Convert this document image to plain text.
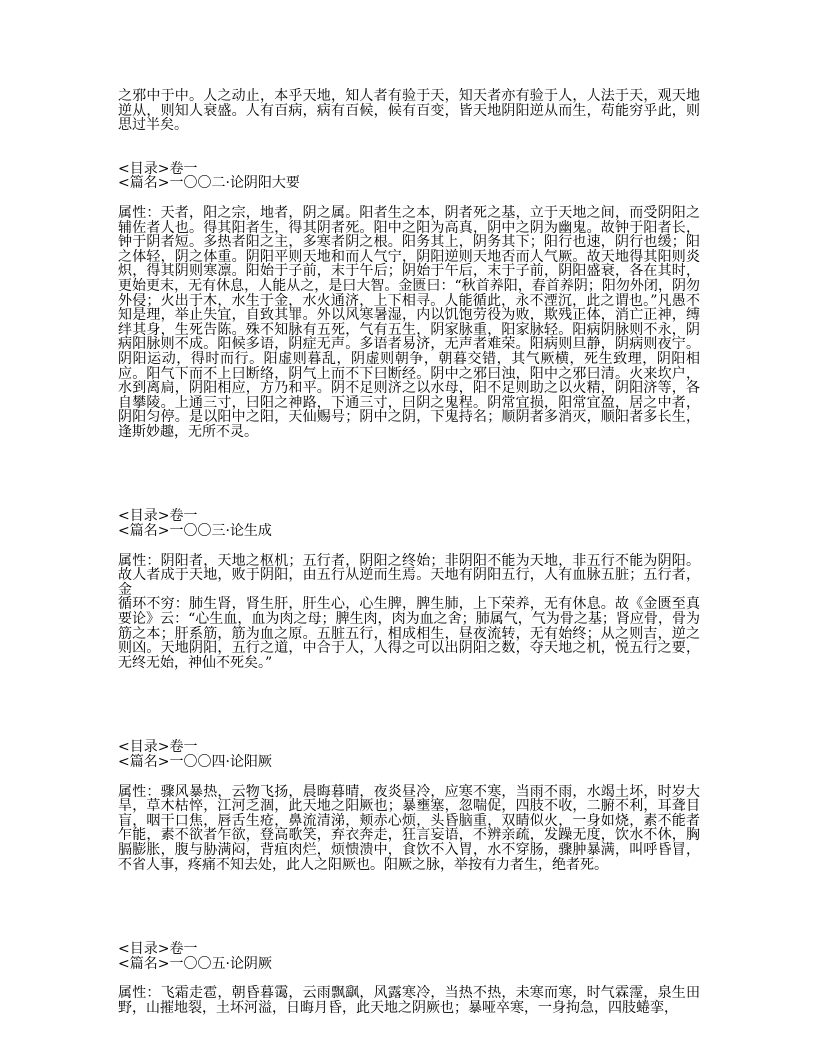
之邪中于中。人之动止，本乎天地，知人者有验于天，知天者亦有验于人，人法于天，观天地逆从，则知人衰盛。人有百病，病有百候，候有百变，皆天地阴阳逆从而生，苟能穷乎此，则思过半矣。

<目录>卷一

<篇名>一〇〇二·论阴阳大要

属性：天者，阳之宗，地者，阴之属。阳者生之本，阴者死之基，立于天地之间，而受阴阳之辅佐者人也。得其阳者生，得其阴者死。阳中之阳为高真，阴中之阴为幽鬼。故钟于阳者长，钟于阴者短。多热者阳之主，多寒者阴之根。阳务其上，阴务其下；阳行也速，阴行也缓；阳之体轻，阴之体重。阴阳平则天地和而人气宁，阴阳逆则天地否而人气厥。故天地得其阳则炎炽，得其阴则寒凛。阳始于子前，末于午后；阴始于午后，末于子前，阴阳盛衰，各在其时，更始更末，无有休息，人能从之，是曰大智。金匮曰：“秋首养阳，春首养阴；阳勿外闭，阴勿外侵；火出于木，水生于金，水火通济，上下相寻。人能循此，永不湮沉，此之谓也。”凡愚不知是理，举止失宜，自致其罪。外以风寒暑湿，内以饥饱劳役为败，欺残正体，消亡正神，缚绊其身，生死告陈。殊不知脉有五死，气有五生，阴家脉重，阳家脉轻。阳病阴脉则不永，阴病阳脉则不成。阳候多语，阴症无声。多语者易济，无声者难荣。阳病则旦静，阴病则夜宁。阴阳运动，得时而行。阳虚则暮乱，阴虚则朝争，朝暮交错，其气厥横，死生致理，阴阳相应。阳气下而不上曰断络，阴气上而不下曰断经。阴中之邪曰浊，阳中之邪曰清。火来坎户，水到离扃，阴阳相应，方乃和平。阴不足则济之以水母，阳不足则助之以火精，阴阳济等，各自攀陵。上通三寸，曰阳之神路，下通三寸，曰阴之鬼程。阴常宜损，阳常宜盈，居之中者，阴阳匀停。是以阳中之阳，天仙赐号；阴中之阴，下鬼持名；顺阴者多消灭，顺阳者多长生，逢斯妙趣，无所不灵。

<目录>卷一

<篇名>一〇〇三·论生成

属性：阴阳者，天地之枢机；五行者，阴阳之终始；非阴阳不能为天地，非五行不能为阴阳。故人者成于天地，败于阴阳，由五行从逆而生焉。天地有阴阳五行，人有血脉五脏；五行者，金

循环不穷：肺生肾，肾生肝，肝生心，心生脾，脾生肺，上下荣养，无有休息。故《金匮至真要论》云：“心生血，血为肉之母；脾生肉，肉为血之舍；肺属气，气为骨之基；肾应骨，骨为筋之本；肝系筋，筋为血之原。五脏五行，相成相生，昼夜流转，无有始终；从之则吉，逆之则凶。天地阴阳，五行之道，中合于人，人得之可以出阴阳之数，夺天地之机，悦五行之要，无终无始，神仙不死矣。”

<目录>卷一

<篇名>一〇〇四·论阳厥

属性：骤风暴热，云物飞扬，晨晦暮晴，夜炎昼冷，应寒不寒，当雨不雨，水竭土坏，时岁大旱，草木枯悴，江河乏涸，此天地之阳厥也；暴壅塞，忽喘促，四肢不收，二腑不利，耳聋目盲，咽干口焦，唇舌生疮，鼻流清涕，颊赤心烦，头昏脑重，双睛似火，一身如烧，素不能者乍能，素不欲者乍欲，登高歌笑，弃衣奔走，狂言妄语，不辨亲疏，发躁无度，饮水不休，胸膈膨胀，腹与胁满闷，背疽肉烂，烦愦溃中，食饮不入胃，水不穿肠，骤肿暴满，叫呼昏冒，不省人事，疼痛不知去处，此人之阳厥也。阳厥之脉，举按有力者生，绝者死。

<目录>卷一

<篇名>一〇〇五·论阴厥

属性：飞霜走雹，朝昏暮霭，云雨飘飖，风露寒冷，当热不热，未寒而寒，时气霖霪，泉生田野，山摧地裂，土坏河溢，日晦月昏，此天地之阴厥也；暴哑卒寒，一身拘急，四肢蜷挛，
